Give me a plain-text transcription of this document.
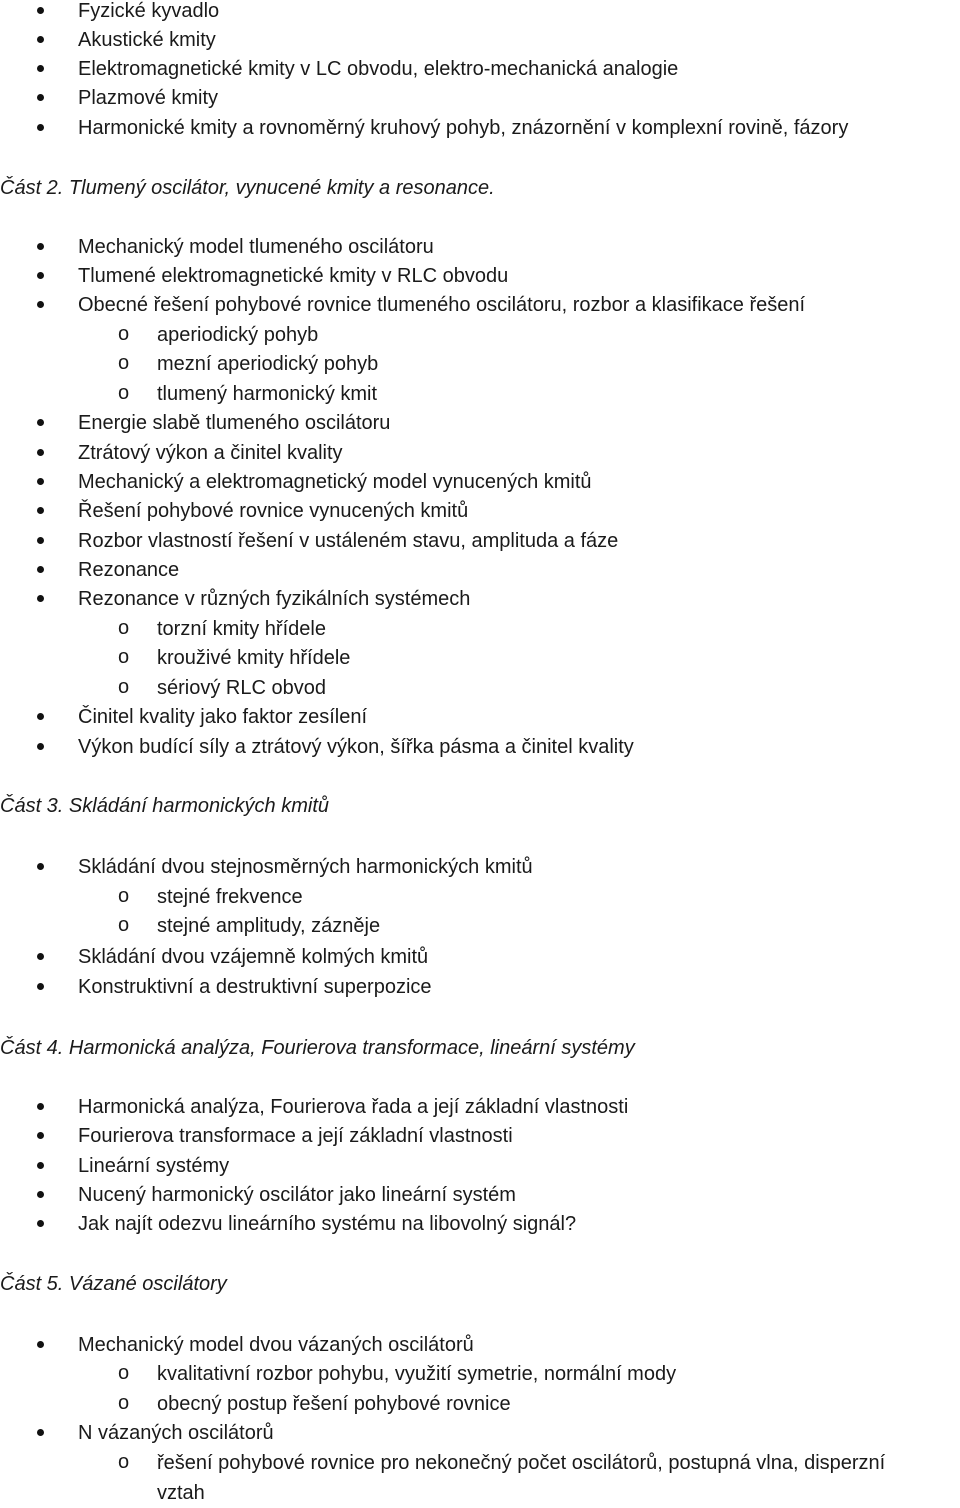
Fyzické kyvadlo
Akustické kmity
Elektromagnetické kmity v LC obvodu, elektro-mechanická analogie
Plazmové kmity
Harmonické kmity a rovnoměrný kruhový pohyb, znázornění v komplexní rovině, fázory
Část 2. Tlumený oscilátor, vynucené kmity a resonance.
Mechanický model tlumeného oscilátoru
Tlumené elektromagnetické kmity v RLC obvodu
Obecné řešení pohybové rovnice tlumeného oscilátoru, rozbor a klasifikace řešení
o aperiodický pohyb
o mezní aperiodický pohyb
o tlumený harmonický kmit
Energie slabě tlumeného oscilátoru
Ztrátový výkon a činitel kvality
Mechanický a elektromagnetický model vynucených kmitů
Řešení pohybové rovnice vynucených kmitů
Rozbor vlastností řešení v ustáleném stavu, amplituda a fáze
Rezonance
Rezonance v různých fyzikálních systémech
o torzní kmity hřídele
o krouživé kmity hřídele
o sériový RLC obvod
Činitel kvality jako faktor zesílení
Výkon budící síly a ztrátový výkon, šířka pásma a činitel kvality
Část 3. Skládání harmonických kmitů
Skládání dvou stejnosměrných harmonických kmitů
o stejné frekvence
o stejné amplitudy, zázněje
Skládání dvou vzájemně kolmých kmitů
Konstruktivní a destruktivní superpozice
Část 4. Harmonická analýza, Fourierova transformace, lineární systémy
Harmonická analýza, Fourierova řada a její základní vlastnosti
Fourierova transformace a její základní vlastnosti
Lineární systémy
Nucený harmonický oscilátor jako lineární systém
Jak najít odezvu lineárního systému na libovolný signál?
Část 5. Vázané oscilátory
Mechanický model dvou vázaných oscilátorů
o kvalitativní rozbor pohybu, využití symetrie, normální mody
o obecný postup řešení pohybové rovnice
N vázaných oscilátorů
o řešení pohybové rovnice pro nekonečný počet oscilátorů, postupná vlna, disperzní
vztah
